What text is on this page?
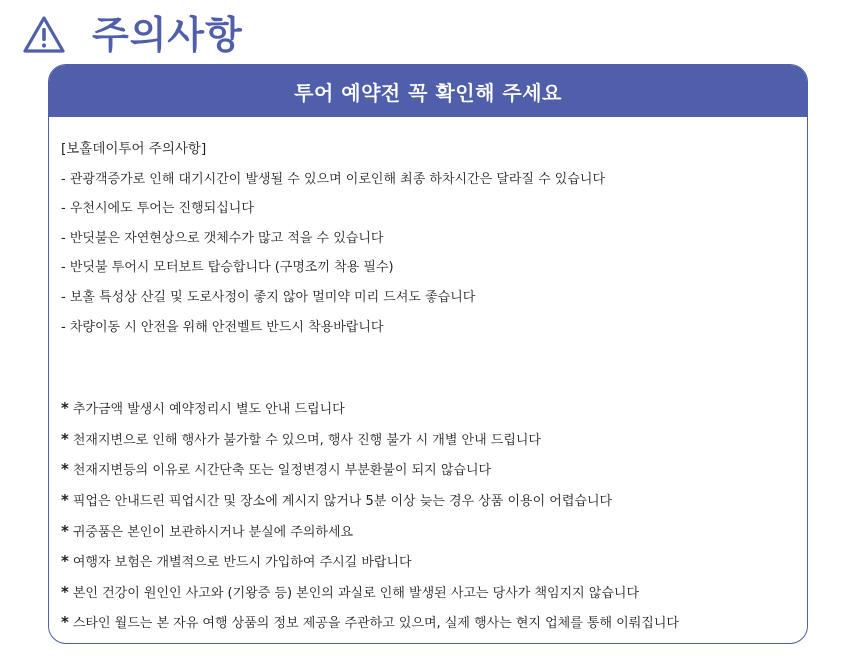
주의사항
투어 예약전 꼭 확인해 주세요
[보홀데이투어 주의사항]
- 관광객증가로 인해 대기시간이 발생될 수 있으며 이로인해 최종 하차시간은 달라질 수 있습니다
- 우천시에도 투어는 진행되십니다
- 반딧불은 자연현상으로 갯체수가 많고 적을 수 있습니다
- 반딧불 투어시 모터보트 탑승합니다 (구명조끼 착용 필수)
- 보홀 특성상 산길 및 도로사정이 좋지 않아 멀미약 미리 드셔도 좋습니다
- 차량이동 시 안전을 위해 안전벨트 반드시 착용바랍니다
* 추가금액 발생시 예약정리시 별도 안내 드립니다
* 천재지변으로 인해 행사가 불가할 수 있으며, 행사 진행 불가 시 개별 안내 드립니다
* 천재지변등의 이유로 시간단축 또는 일정변경시 부분환불이 되지 않습니다
* 픽업은 안내드린 픽업시간 및 장소에 계시지 않거나 5분 이상 늦는 경우 상품 이용이 어렵습니다
* 귀중품은 본인이 보관하시거나 분실에 주의하세요
* 여행자 보험은 개별적으로 반드시 가입하여 주시길 바랍니다
* 본인 건강이 원인인 사고와 (기왕증 등) 본인의 과실로 인해 발생된 사고는 당사가 책임지지 않습니다
* 스타인 월드는 본 자유 여행 상품의 정보 제공을 주관하고 있으며, 실제 행사는 현지 업체를 통해 이뤄집니다
